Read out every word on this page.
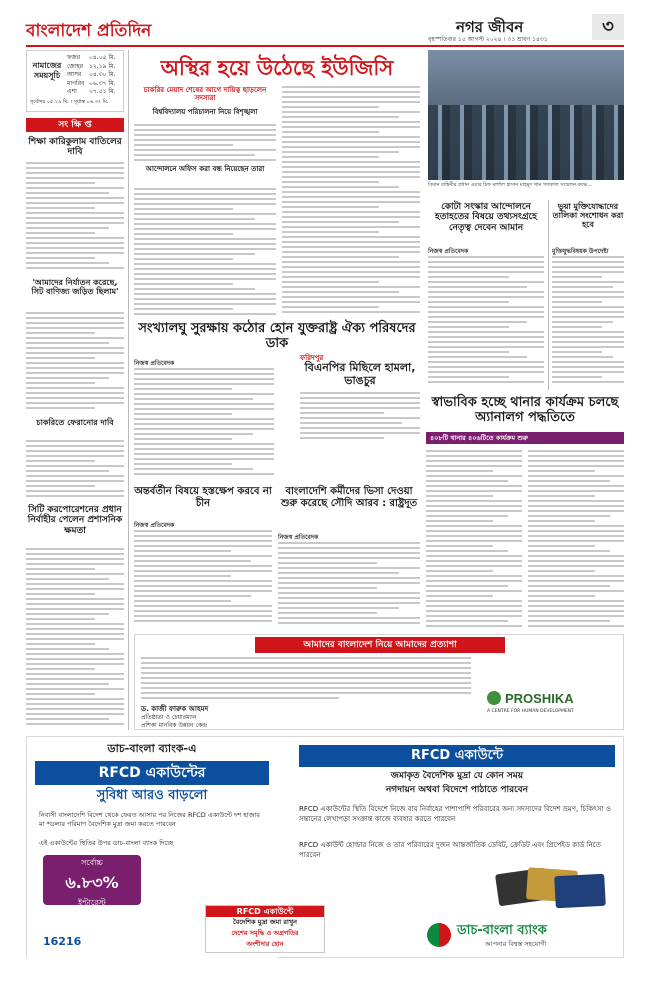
বাংলাদেশ প্রতিদিন	নগর জীবন	৩
বৃহস্পতিবার ১৫ আগস্ট ২০২৪ । ৩১ শ্রাবণ ১৪৩১
নামাজের সময়সূচি
ফজর
জোহর
আসর
মাগরিব
এশা
০৪.০৫ মি.
১২.১৯ মি.
০৪.৩০ মি.
০৬.৩৭ মি.
০৭.৫১ মি.
সূর্যোদয় ০৫.২৯ মি. । সূর্যাস্ত ০৬.৩৭ মি.
সং ক্ষি প্ত
শিক্ষা কারিকুলাম বাতিলের দাবি
'আমাদের নির্যাতন করেছে, সিট বাণিজ্য জড়িত ছিলাম'
চাকরিতে ফেরানোর দাবি
সিটি করপোরেশনের প্রধান নির্বাহীর পেলেন প্রশাসনিক ক্ষমতা
অস্থির হয়ে উঠেছে ইউজিসি
চাকরির মেয়াদ শেষের আগে দায়িত্ব ছাড়লেন সদস্যরা
বিশ্ববিদ্যালয় পরিচালনা নিয়ে বিশৃঙ্খলা
আন্দোলনে অফিস করা বন্ধ নিয়েছেন তারা
সংখ্যালঘু সুরক্ষায় কঠোর হোন যুক্তরাষ্ট্র ঐক্য পরিষদের ডাক
নিজস্ব প্রতিবেদক
অন্তর্বর্তীন বিষয়ে হস্তক্ষেপ করবে না চীন
নিজস্ব প্রতিবেদক
বাংলাদেশি কর্মীদের ভিসা দেওয়া শুরু করেছে সৌদি আরব : রাষ্ট্রদূত
নিজস্ব প্রতিবেদক
বিমান বাহিনীর প্রধান এয়ার চিফ মার্শাল হাসান মাহমুদ খান গতকাল সম্মেলন কক্ষে...
কোটা সংস্কার আন্দোলনে হতাহতের বিষয়ে তথ্যসংগ্রহে নেতৃত্ব দেবেন আমান
নিজস্ব প্রতিবেদক
ভুয়া মুক্তিযোদ্ধাদের তালিকা সংশোধন করা হবে
মুক্তিযুদ্ধবিষয়ক উপদেষ্টা
ফরিদপুর
বিএনপির মিছিলে হামলা, ভাঙচুর
স্বাভাবিক হচ্ছে থানার কার্যক্রম চলছে অ্যানালগ পদ্ধতিতে
৪০৮টি থানার ৪০৬টিতে কার্যক্রম শুরু
ডাচ-বাংলা ব্যাংক-এ
RFCD একাউন্টের
সুবিধা আরও বাড়লো
নিবাসী বাংলাদেশি বিদেশ থেকে ফেরত আসার পর নিজের RFCD একাউন্টে দশ হাজার মা *ডলার পরিমাণ বৈদেশিক মুদ্রা জমা করতে পারবেন
এই একাউন্টের স্থিতির উপর ডাচ-বাংলা ব্যাংক দিচ্ছে
সর্বোচ্চ
৬.৮৩%
ইন্টারেস্ট
16216
RFCD একাউন্টে
বৈদেশিক মুদ্রা জমা রাখুন
দেশের সমৃদ্ধি ও অগ্রগতির
অংশীদার হোন
RFCD একাউন্টে
জমাকৃত বৈদেশিক মুদ্রা যে কোন সময়
নগদায়ন অথবা বিদেশে পাঠাতে পারবেন
RFCD একাউন্টের স্থিতি বিদেশে নিজে বায় নির্বাহের পাশাপাশি পরিবারের অন্য সদস্যদের বিদেশ ভ্রমণ, চিকিৎসা ও সন্তানের লেখাপড়া সংক্রান্ত কাজে ব্যবহার করতে পারবেন
RFCD একাউন্ট হোল্ডার নিজে ও তার পরিবারের দুজন আন্তর্জাতিক ডেবিট, ক্রেডিট এবং প্রিপেইড কার্ড নিতে পারবেন
ডাচ-বাংলা ব্যাংক
আপনার বিশ্বস্ত সহযোগী
আমাদের বাংলাদেশ নিয়ে আমাদের প্রত্যাশা
ড. কাজী ফারুক আহমদ
প্রতিষ্ঠাতা ও চেয়ারম্যান
প্রশিকা মানবিক উন্নয়ন কেন্দ্র
PROSHIKA
A CENTRE FOR HUMAN DEVELOPMENT
